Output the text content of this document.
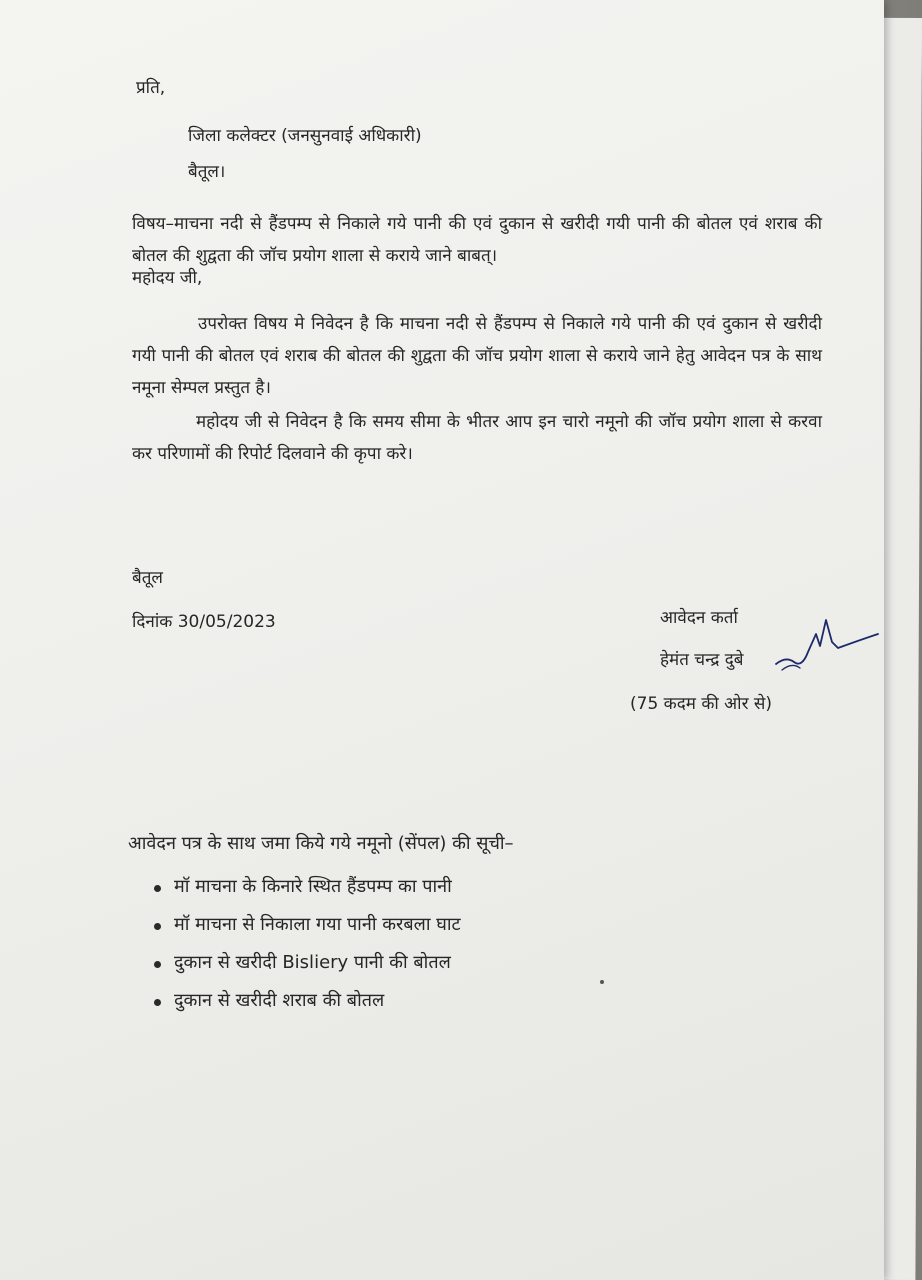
प्रति,
जिला कलेक्टर (जनसुनवाई अधिकारी)
बैतूल।
विषय–माचना नदी से हैंडपम्प से निकाले गये पानी की एवं दुकान से खरीदी गयी पानी की बोतल एवं शराब की बोतल की शुद्वता की जॉच प्रयोग शाला से कराये जाने बाबत्।
महोदय जी,
उपरोक्त विषय मे निवेदन है कि माचना नदी से हैंडपम्प से निकाले गये पानी की एवं दुकान से खरीदी गयी पानी की बोतल एवं शराब की बोतल की शुद्वता की जॉच प्रयोग शाला से कराये जाने हेतु आवेदन पत्र के साथ नमूना सेम्पल प्रस्तुत है।
महोदय जी से निवेदन है कि समय सीमा के भीतर आप इन चारो नमूनो की जॉच प्रयोग शाला से करवा कर परिणामों की रिपोर्ट दिलवाने की कृपा करे।
बैतूल
दिनांक 30/05/2023	आवेदन कर्ता
हेमंत चन्द्र दुबे
(75 कदम की ओर से)
आवेदन पत्र के साथ जमा किये गये नमूनो (सेंपल) की सूची–
मॉ माचना के किनारे स्थित हैंडपम्प का पानी
मॉ माचना से निकाला गया पानी करबला घाट
दुकान से खरीदी Bisliery पानी की बोतल
दुकान से खरीदी शराब की बोतल
